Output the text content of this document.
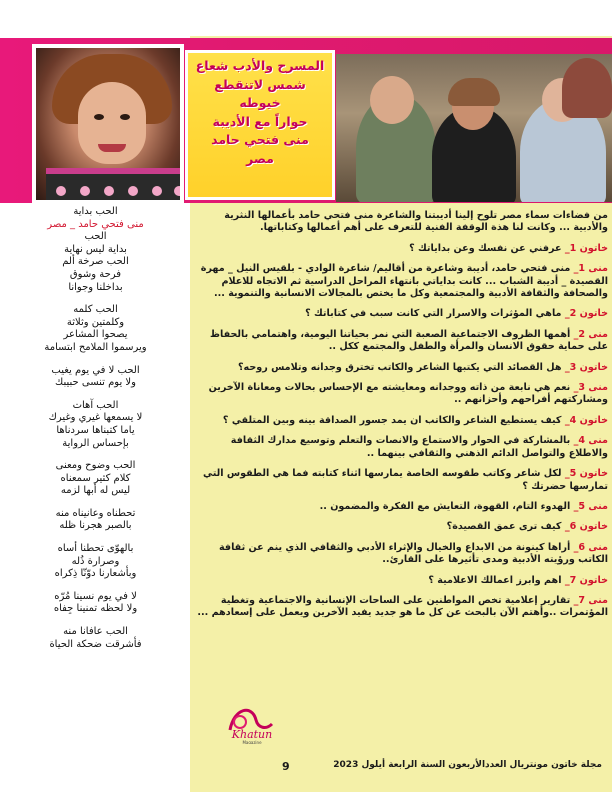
المسرح والأدب شعاع
شمس لاتنقطع
خيوطه
حواراً مع الأديبة
منى فتحي حامد
مصر
الحب بداية
منى فتحي حامد _ مصر
الحب
بداية ليس نهاية
الحب صرخة ألم
فرحة وشوق
بداخلنا وجوانا
الحب كلمه
وكلمتين وثلاثة
يصحوا المشاعر
ويرسموا الملامح ابتسامة
الحب لا في يوم يغيب
ولا يوم تنسى حبيبك
الحب آهات
لا يسمعها غيري وغيرك
ياما كتبناها سردناها
بإحساس الرواية
الحب وضوح ومعنى
كلام كثير سمعناه
ليس له أبها لزمه
تحطناه وعانيناه منه
بالصبر هجرنا ظله
بالهوّى تحطنا أساه
وصرارة ذُله
وبأشعارنا دوّنّا ذِكراه
لا في يوم نسينا مُرّه
ولا لحظه تمنينا جِفاه
الحب عافانا منه
فأشرقت ضحكة الحياة

من فضاءات سماء مصر تلوح إلينا أديبتنا والشاعرة منى فتحي حامد بأعمالها النثرية والأدبية ... وكانت لنا هذة الوقفة الفنية للتعرف على أهم أعمالها وكتاباتها.

خاتون 1_ عرفني عن نفسك وعن بداياتك ؟

منى 1_ منى فتحي حامد، أديبة وشاعرة من أقاليم/ شاعرة الوادي - بلقيس النيل _ مهرة القصيدة _ أديبة الشباب ... كانت بداياتي بانتهاء المراحل الدراسية ثم الاتجاه للاعلام والصحافة والثقافة الأدبية والمجتمعية وكل ما يختص بالمجالات الانسانية والتنموية ...

خاتون 2_ ماهي المؤثرات والاسرار التي كانت سبب في كتاباتك ؟

منى 2_ أهمها الظروف الاجتماعية الصعبة التي نمر بحياتنا اليومية، واهتمامي بالحفاظ على حماية حقوق الانسان والمرأة والطفل والمجتمع ككل ..

خاتون 3_ هل القصائد التي يكتبها الشاعر والكاتب تخترق وجدانه وتلامس روحه؟

منى 3_ نعم هي نابعة من ذاته ووجدانه ومعايشته مع الإحساس بحالات ومعاناة الآخرين ومشاركتهم أفراحهم وأحزانهم ..

خاتون 4_ كيف يستطيع الشاعر والكاتب ان يمد جسور الصداقة بينه وبين المتلقي ؟

منى 4_ بالمشاركة في الحوار والاستماع والانصات والتعلم وتوسيع مدارك الثقافة والاطلاع والتواصل الدائم الذهني والثقافي بينهما ..

خاتون 5_ لكل شاعر وكاتب طقوسه الخاصة يمارسها اثناء كتابته فما هي الطقوس التي تمارسها حضرتك ؟

منى 5_ الهدوء التام، القهوة، التعايش مع الفكرة والمضمون ..

خاتون 6_ كيف ترى عمق القصيدة؟

منى 6_ أراها كينونة من الابداع والخيال والإثراء الأدبي والثقافي الذي ينم عن ثقافة الكاتب ورؤيته الأدبية ومدى تأثيرها على القارئ..

خاتون 7_ اهم وابرز اعمالك الاعلامية ؟

منى 7_ تقارير إعلامية تخص المواطنين على الساحات الإنسانية والاجتماعية وتغطية المؤتمرات ..وأهتم الآن بالبحث عن كل ما هو جديد يفيد الآخرين ويعمل على إسعادهم ...

Khatun
Magazine
مجلة خاتون مونتريال العددالأربعون السنة الرابعة أيلول 2023
9
